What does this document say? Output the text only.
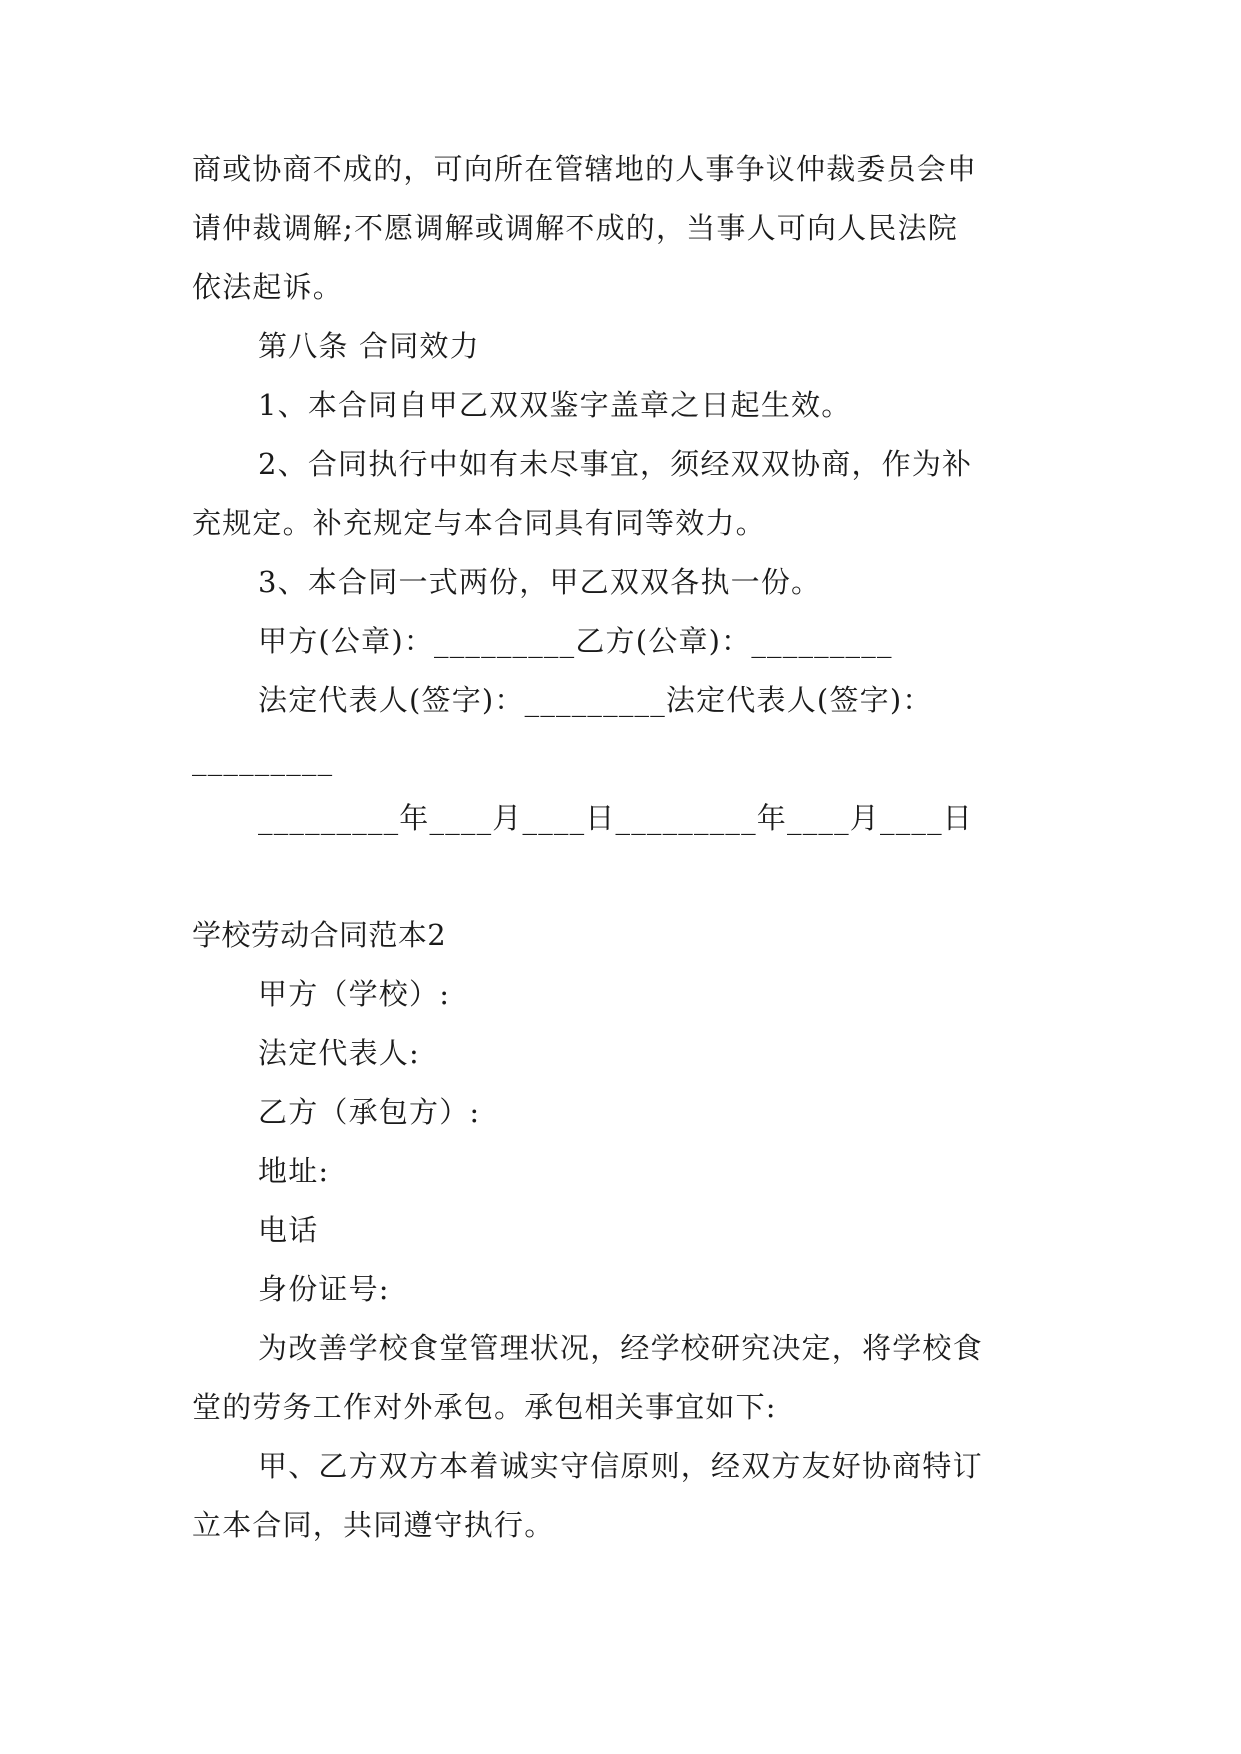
商或协商不成的，可向所在管辖地的人事争议仲裁委员会申
请仲裁调解;不愿调解或调解不成的，当事人可向人民法院
依法起诉。
第八条 合同效力
1、本合同自甲乙双双鉴字盖章之日起生效。
2、合同执行中如有未尽事宜，须经双双协商，作为补
充规定。补充规定与本合同具有同等效力。
3、本合同一式两份，甲乙双双各执一份。
甲方(公章)：_________乙方(公章)：_________
法定代表人(签字)：_________法定代表人(签字)：
_________
_________年____月____日_________年____月____日
学校劳动合同范本2
甲方（学校）:
法定代表人:
乙方（承包方）:
地址:
电话
身份证号:
为改善学校食堂管理状况，经学校研究决定，将学校食
堂的劳务工作对外承包。承包相关事宜如下:
甲、乙方双方本着诚实守信原则，经双方友好协商特订
立本合同，共同遵守执行。
